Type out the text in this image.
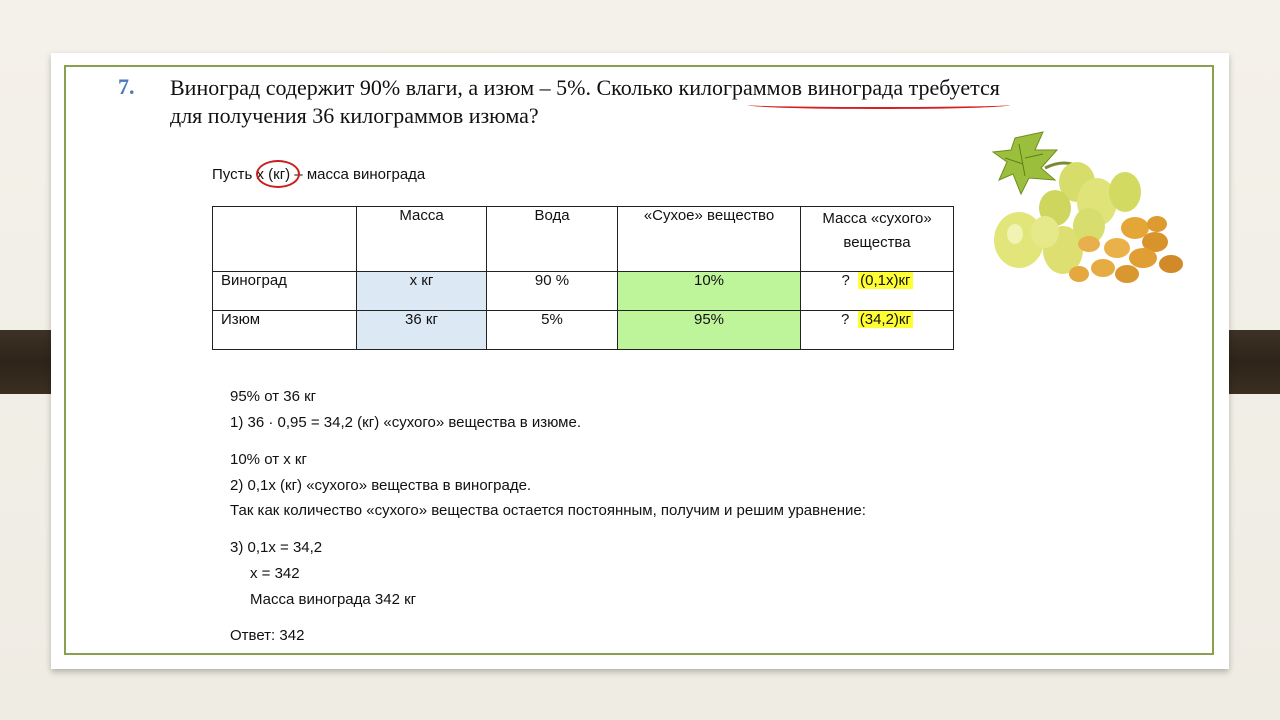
7. Виноград содержит 90% влаги, а изюм – 5%. Сколько килограммов винограда требуется для получения 36 килограммов изюма?
Пусть x (кг) – масса винограда
	Масса	Вода	«Сухое» вещество	Масса «сухого» вещества
Виноград	x кг	90 %	10%	? (0,1x)кг
Изюм	36 кг	5%	95%	? (34,2)кг
95% от 36 кг
1) 36 · 0,95 = 34,2 (кг) «сухого» вещества в изюме.
10% от x кг
2) 0,1x (кг) «сухого» вещества в винограде.
Так как количество «сухого» вещества остается постоянным, получим и решим уравнение:
3) 0,1x = 34,2
x = 342
Масса винограда 342 кг
Ответ: 342
